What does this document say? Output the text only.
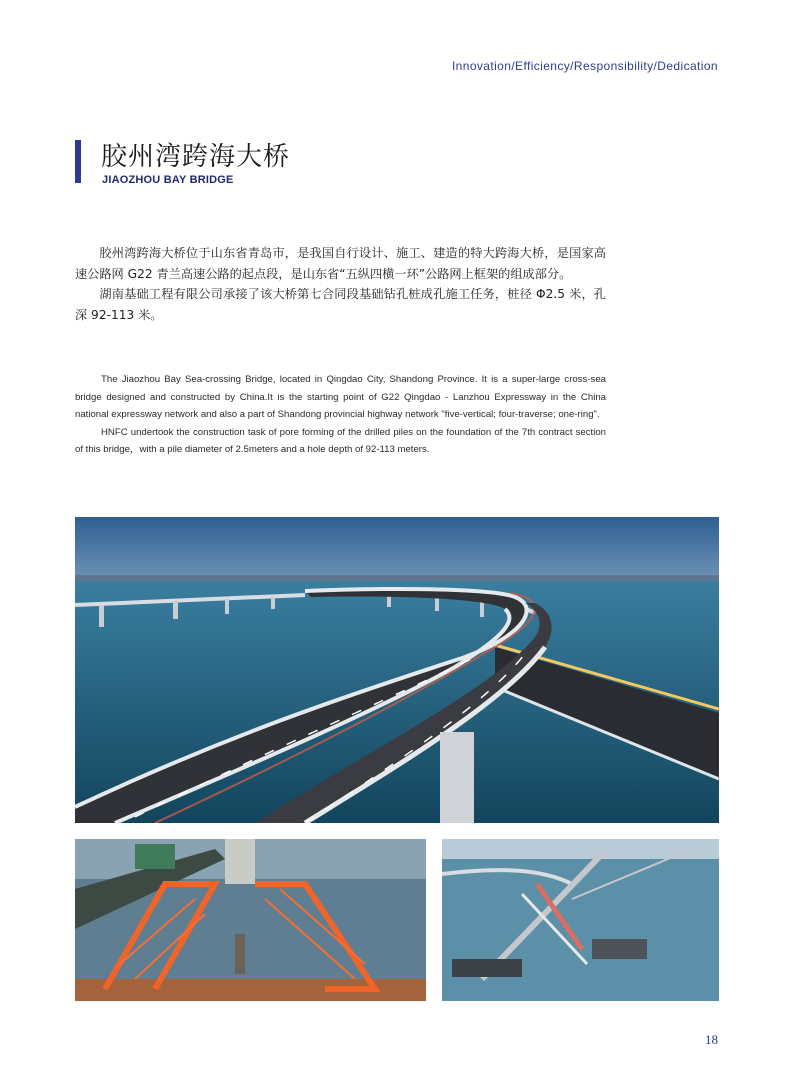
Innovation/Efficiency/Responsibility/Dedication
胶州湾跨海大桥
JIAOZHOU BAY BRIDGE

胶州湾跨海大桥位于山东省青岛市，是我国自行设计、施工、建造的特大跨海大桥，是国家高速公路网 G22 青兰高速公路的起点段，是山东省“五纵四横一环”公路网上框架的组成部分。

湖南基础工程有限公司承接了该大桥第七合同段基础钻孔桩成孔施工任务，桩径 Φ2.5 米，孔深 92-113 米。

The Jiaozhou Bay Sea-crossing Bridge, located in Qingdao City, Shandong Province. It is a super-large cross-sea bridge designed and constructed by China.It is the starting point of G22 Qingdao - Lanzhou Expressway in the China national expressway network and also a part of Shandong provincial highway network "five-vertical; four-traverse; one-ring".

HNFC undertook the construction task of pore forming of the drilled piles on the foundation of the 7th contract section of this bridge，with a pile diameter of 2.5meters and a hole depth of 92-113 meters.

18
